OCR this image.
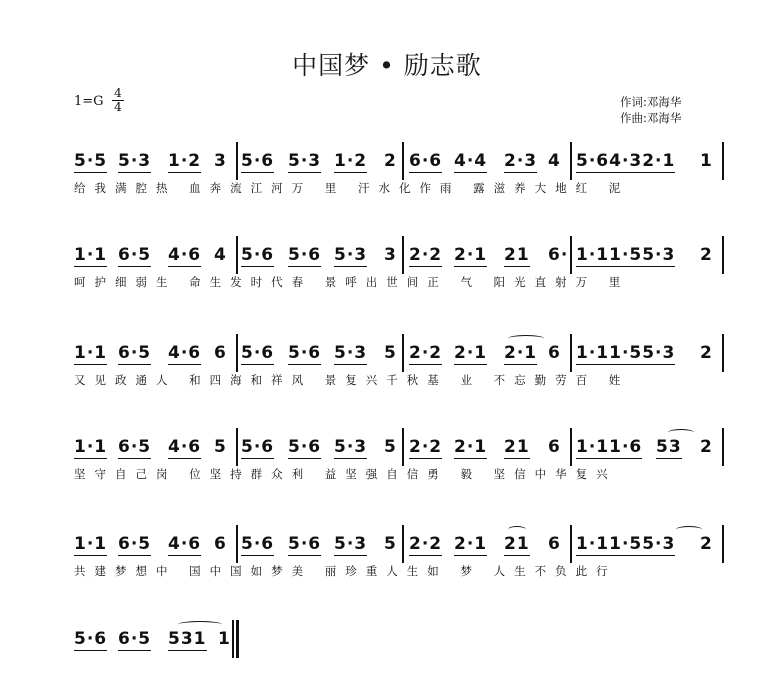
中国梦 • 励志歌
1=G
4
4	作词:邓海华
作曲:邓海华
5·5 5·3 1·2 3 5·6 5·3 1·2 2 6·6 4·4 2·3 4 5·64·32·1 1
给我满腔热 血奔流江河万 里 汗水化作雨 露滋养大地红 泥
1·1 6·5 4·6 4 5·6 5·6 5·3 3 2·2 2·1 21 6· 1·11·55·3 2
呵护细弱生 命生发时代春 景呼出世间正 气 阳光直射万 里
1·1 6·5 4·6 6 5·6 5·6 5·3 5 2·2 2·1 2·1 6 1·11·55·3 2
又见政通人 和四海和祥风 景复兴千秋基 业 不忘勤劳百 姓
1·1 6·5 4·6 5 5·6 5·6 5·3 5 2·2 2·1 21 6 1·11·6 53 2
坚守自己岗 位坚持群众利 益坚强自信勇 毅 坚信中华复兴
1·1 6·5 4·6 6 5·6 5·6 5·3 5 2·2 2·1 21 6 1·11·55·3 2
共建梦想中 国中国如梦美 丽珍重人生如 梦 人生不负此行
5·6 6·5 531 1
